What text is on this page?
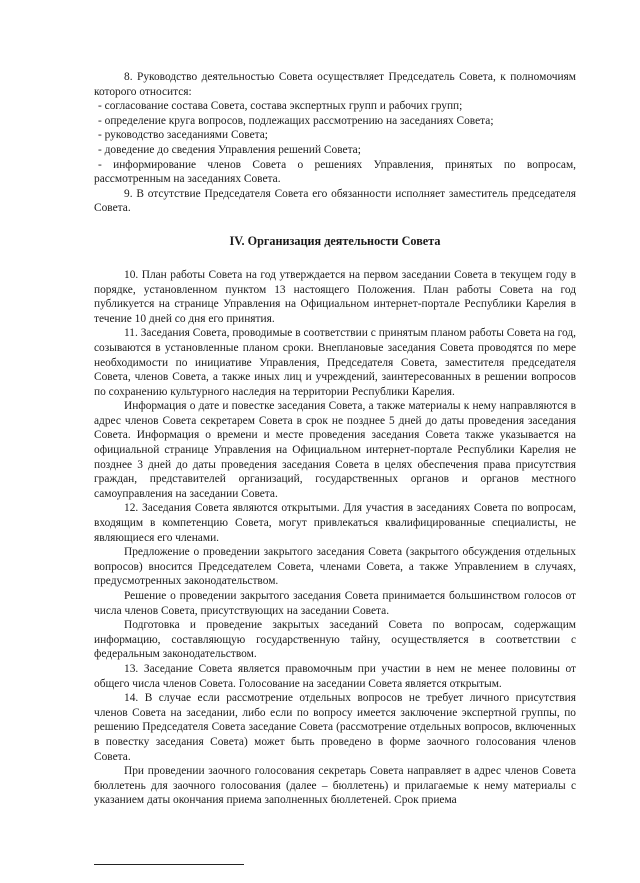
8. Руководство деятельностью Совета осуществляет Председатель Совета, к полномочиям которого относится:

- согласование состава Совета, состава экспертных групп и рабочих групп;

- определение круга вопросов, подлежащих рассмотрению на заседаниях Совета;

- руководство заседаниями Совета;

- доведение до сведения Управления решений Совета;

- информирование членов Совета о решениях Управления, принятых по вопросам, рассмотренным на заседаниях Совета.

9. В отсутствие Председателя Совета его обязанности исполняет заместитель председателя Совета.

IV. Организация деятельности Совета

10. План работы Совета на год утверждается на первом заседании Совета в текущем году в порядке, установленном пунктом 13 настоящего Положения. План работы Совета на год публикуется на странице Управления на Официальном интернет-портале Республики Карелия в течение 10 дней со дня его принятия.

11. Заседания Совета, проводимые в соответствии с принятым планом работы Совета на год, созываются в установленные планом сроки. Внеплановые заседания Совета проводятся по мере необходимости по инициативе Управления, Председателя Совета, заместителя председателя Совета, членов Совета, а также иных лиц и учреждений, заинтересованных в решении вопросов по сохранению культурного наследия на территории Республики Карелия.

Информация о дате и повестке заседания Совета, а также материалы к нему направляются в адрес членов Совета секретарем Совета в срок не позднее 5 дней до даты проведения заседания Совета. Информация о времени и месте проведения заседания Совета также указывается на официальной странице Управления на Официальном интернет-портале Республики Карелия не позднее 3 дней до даты проведения заседания Совета в целях обеспечения права присутствия граждан, представителей организаций, государственных органов и органов местного самоуправления на заседании Совета.

12. Заседания Совета являются открытыми. Для участия в заседаниях Совета по вопросам, входящим в компетенцию Совета, могут привлекаться квалифицированные специалисты, не являющиеся его членами.

Предложение о проведении закрытого заседания Совета (закрытого обсуждения отдельных вопросов) вносится Председателем Совета, членами Совета, а также Управлением в случаях, предусмотренных законодательством.

Решение о проведении закрытого заседания Совета принимается большинством голосов от числа членов Совета, присутствующих на заседании Совета.

Подготовка и проведение закрытых заседаний Совета по вопросам, содержащим информацию, составляющую государственную тайну, осуществляется в соответствии с федеральным законодательством.

13. Заседание Совета является правомочным при участии в нем не менее половины от общего числа членов Совета. Голосование на заседании Совета является открытым.

14. В случае если рассмотрение отдельных вопросов не требует личного присутствия членов Совета на заседании, либо если по вопросу имеется заключение экспертной группы, по решению Председателя Совета заседание Совета (рассмотрение отдельных вопросов, включенных в повестку заседания Совета) может быть проведено в форме заочного голосования членов Совета.

При проведении заочного голосования секретарь Совета направляет в адрес членов Совета бюллетень для заочного голосования (далее – бюллетень) и прилагаемые к нему материалы с указанием даты окончания приема заполненных бюллетеней. Срок приема
